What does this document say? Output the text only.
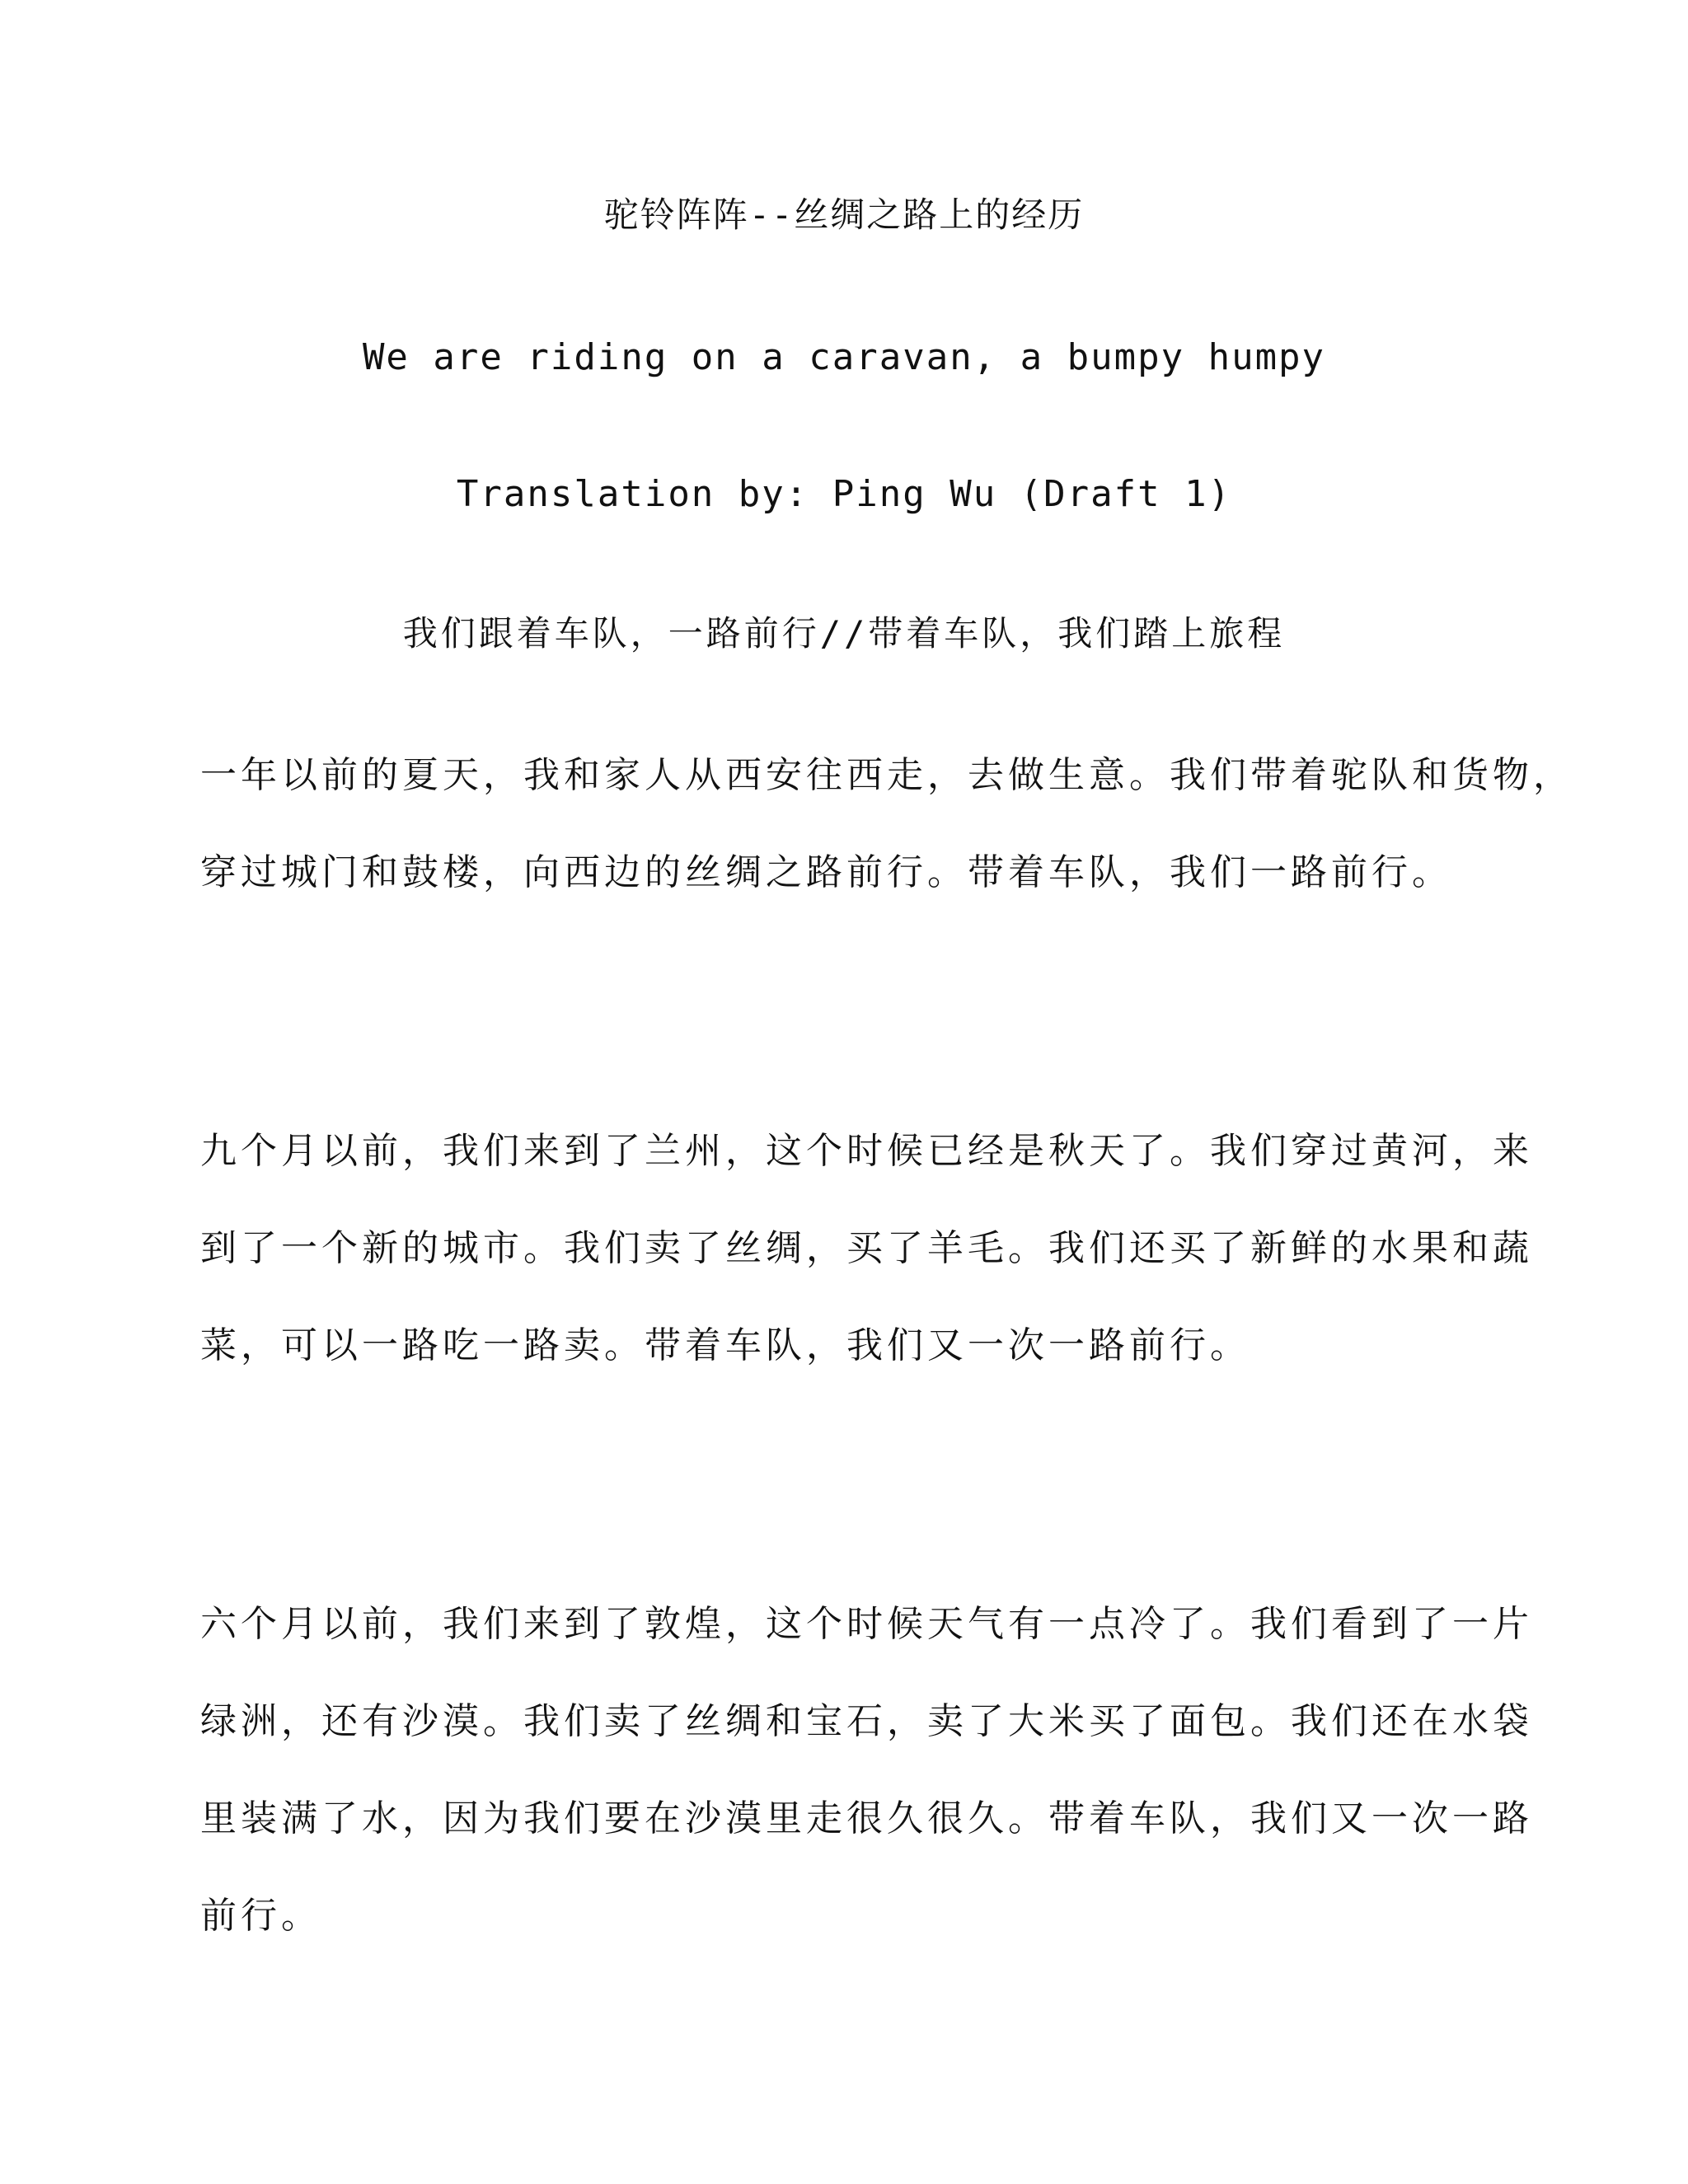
驼铃阵阵--丝绸之路上的经历
We are riding on a caravan, a bumpy humpy
Translation by: Ping Wu (Draft 1)
我们跟着车队，一路前行//带着车队，我们踏上旅程
一年以前的夏天，我和家人从西安往西走，去做生意。我们带着驼队和货物，
穿过城门和鼓楼，向西边的丝绸之路前行。带着车队，我们一路前行。
九个月以前，我们来到了兰州，这个时候已经是秋天了。我们穿过黄河，来
到了一个新的城市。我们卖了丝绸，买了羊毛。我们还买了新鲜的水果和蔬
菜，可以一路吃一路卖。带着车队，我们又一次一路前行。
六个月以前，我们来到了敦煌，这个时候天气有一点冷了。我们看到了一片
绿洲，还有沙漠。我们卖了丝绸和宝石，卖了大米买了面包。我们还在水袋
里装满了水，因为我们要在沙漠里走很久很久。带着车队，我们又一次一路
前行。
